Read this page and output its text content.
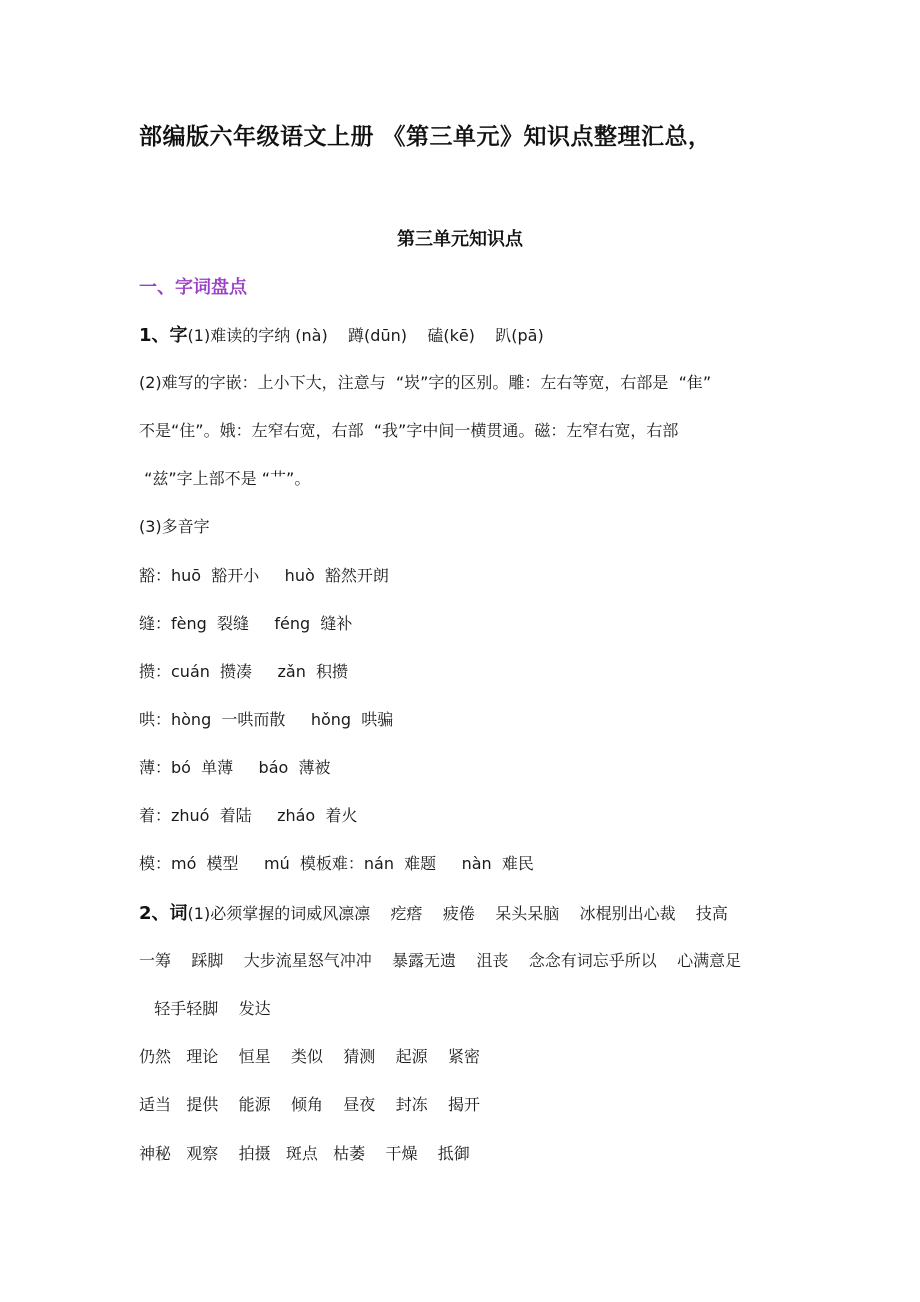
部编版六年级语文上册 《第三单元》知识点整理汇总，
第三单元知识点
一、字词盘点
1、字(1)难读的字纳 (nà)    蹲(dūn)    磕(kē)    趴(pā)
(2)难写的字嵌：上小下大，注意与  “崁”字的区别。雕：左右等宽，右部是  “隹”
不是“住”。娥：左窄右宽，右部  “我”字中间一横贯通。磁：左窄右宽，右部
“兹”字上部不是 “艹”。
(3)多音字
豁：huō  豁开小     huò  豁然开朗
缝：fèng  裂缝     féng  缝补
攒：cuán  攒凑     zǎn  积攒
哄：hòng  一哄而散     hǒng  哄骗
薄：bó  单薄     báo  薄被
着：zhuó  着陆     zháo  着火
模：mó  模型     mú  模板难：nán  难题     nàn  难民
2、词(1)必须掌握的词威风凛凛    疙瘩    疲倦    呆头呆脑    冰棍别出心裁    技高
一筹    踩脚    大步流星怒气冲冲    暴露无遗    沮丧    念念有词忘乎所以    心满意足
轻手轻脚    发达
仍然   理论    恒星    类似    猜测    起源    紧密
适当   提供    能源    倾角    昼夜    封冻    揭开
神秘   观察    拍摄   斑点   枯萎    干燥    抵御
